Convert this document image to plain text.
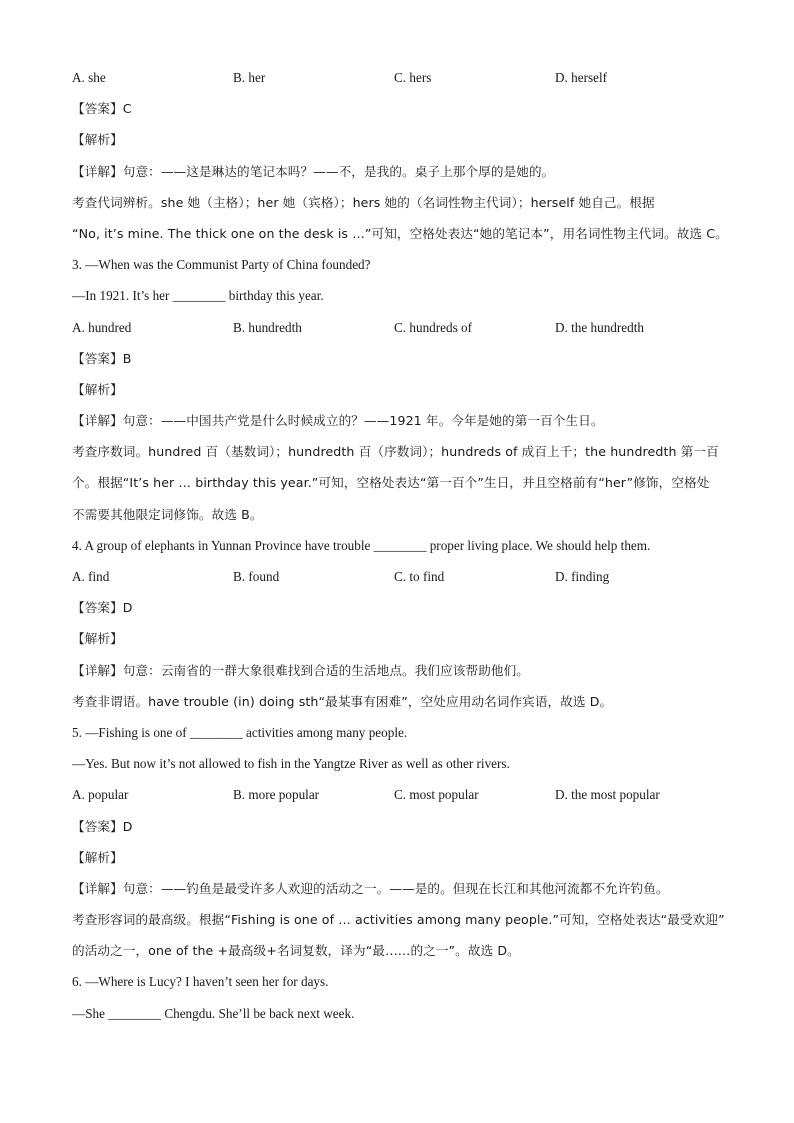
A. she	B. her	C. hers	D. herself
【答案】C
【解析】
【详解】句意：——这是琳达的笔记本吗？——不，是我的。桌子上那个厚的是她的。
考查代词辨析。she 她（主格）；her 她（宾格）；hers 她的（名词性物主代词）；herself 她自己。根据
“No, it’s mine. The thick one on the desk is …”可知，空格处表达“她的笔记本”，用名词性物主代词。故选 C。
3. —When was the Communist Party of China founded?
—In 1921. It’s her ________ birthday this year.
A. hundred	B. hundredth	C. hundreds of	D. the hundredth
【答案】B
【解析】
【详解】句意：——中国共产党是什么时候成立的？——1921 年。今年是她的第一百个生日。
考查序数词。hundred 百（基数词）；hundredth 百（序数词）；hundreds of 成百上千；the hundredth 第一百
个。根据“It’s her … birthday this year.”可知，空格处表达“第一百个”生日，并且空格前有“her”修饰，空格处
不需要其他限定词修饰。故选 B。
4. A group of elephants in Yunnan Province have trouble ________ proper living place. We should help them.
A. find	B. found	C. to find	D. finding
【答案】D
【解析】
【详解】句意：云南省的一群大象很难找到合适的生活地点。我们应该帮助他们。
考查非谓语。have trouble (in) doing sth“最某事有困难”，空处应用动名词作宾语，故选 D。
5. —Fishing is one of ________ activities among many people.
—Yes. But now it’s not allowed to fish in the Yangtze River as well as other rivers.
A. popular	B. more popular	C. most popular	D. the most popular
【答案】D
【解析】
【详解】句意：——钓鱼是最受许多人欢迎的活动之一。——是的。但现在长江和其他河流都不允许钓鱼。
考查形容词的最高级。根据“Fishing is one of … activities among many people.”可知，空格处表达“最受欢迎”
的活动之一，one of the +最高级+名词复数，译为“最……的之一”。故选 D。
6. —Where is Lucy? I haven’t seen her for days.
—She ________ Chengdu. She’ll be back next week.
